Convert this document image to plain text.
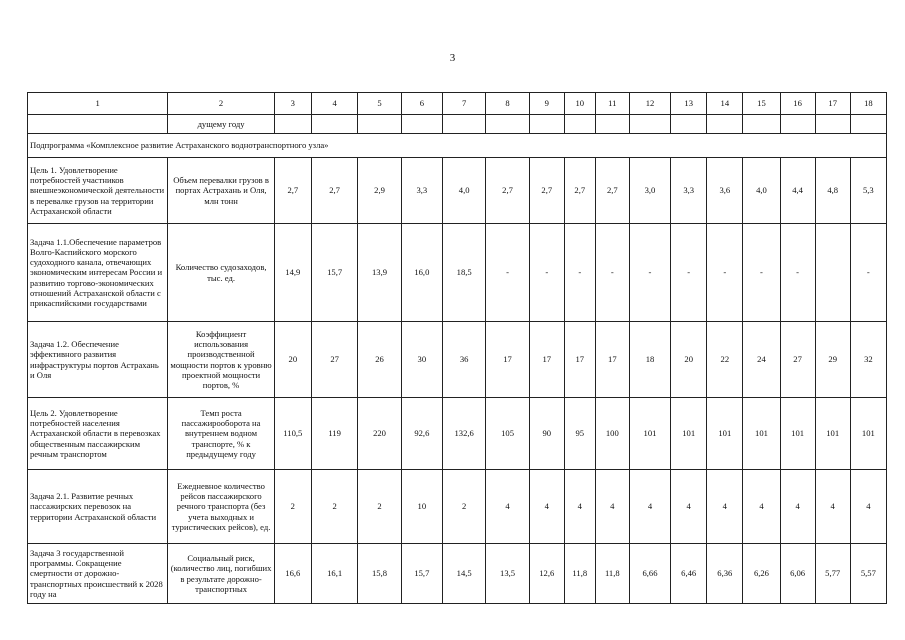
3
1	2	3	4	5	6	7	8	9	10	11	12	13	14	15	16	17	18
	дущему году																
Подпрограмма «Комплексное развитие Астраханского воднотранспортного узла»																	
Цель 1. Удовлетворение потребностей участников внешнеэкономической деятельности в перевалке грузов на территории Астраханской области	Объем перевалки грузов в портах Астрахань и Оля, млн тонн	2,7	2,7	2,9	3,3	4,0	2,7	2,7	2,7	2,7	3,0	3,3	3,6	4,0	4,4	4,8	5,3
Задача 1.1.Обеспечение параметров Волго-Каспийского морского судоходного канала, отвечающих экономическим интересам России и развитию торгово-экономических отношений Астраханской области с прикаспийскими государствами	Количество судозаходов, тыс. ед.	14,9	15,7	13,9	16,0	18,5	-	-	-	-	-	-	-	-	-		-
Задача 1.2. Обеспечение эффективного развития инфраструктуры портов Астрахань и Оля	Коэффициент использования производственной мощности портов к уровню проектной мощности портов, %	20	27	26	30	36	17	17	17	17	18	20	22	24	27	29	32
Цель 2. Удовлетворение потребностей населения Астраханской области в перевозках общественным пассажирским речным транспортом	Темп роста пассажирооборота на внутреннем водном транспорте, % к предыдущему году	110,5	119	220	92,6	132,6	105	90	95	100	101	101	101	101	101	101	101
Задача 2.1. Развитие речных пассажирских перевозок на территории Астраханской области	Ежедневное количество рейсов пассажирского речного транспорта (без учета выходных и туристических рейсов), ед.	2	2	2	10	2	4	4	4	4	4	4	4	4	4	4	4
Задача 3 государственной программы. Сокращение смертности от дорожно-транспортных происшествий к 2028 году на	Социальный риск, (количество лиц, погибших в результате дорожно-транспортных	16,6	16,1	15,8	15,7	14,5	13,5	12,6	11,8	11,8	6,66	6,46	6,36	6,26	6,06	5,77	5,57
